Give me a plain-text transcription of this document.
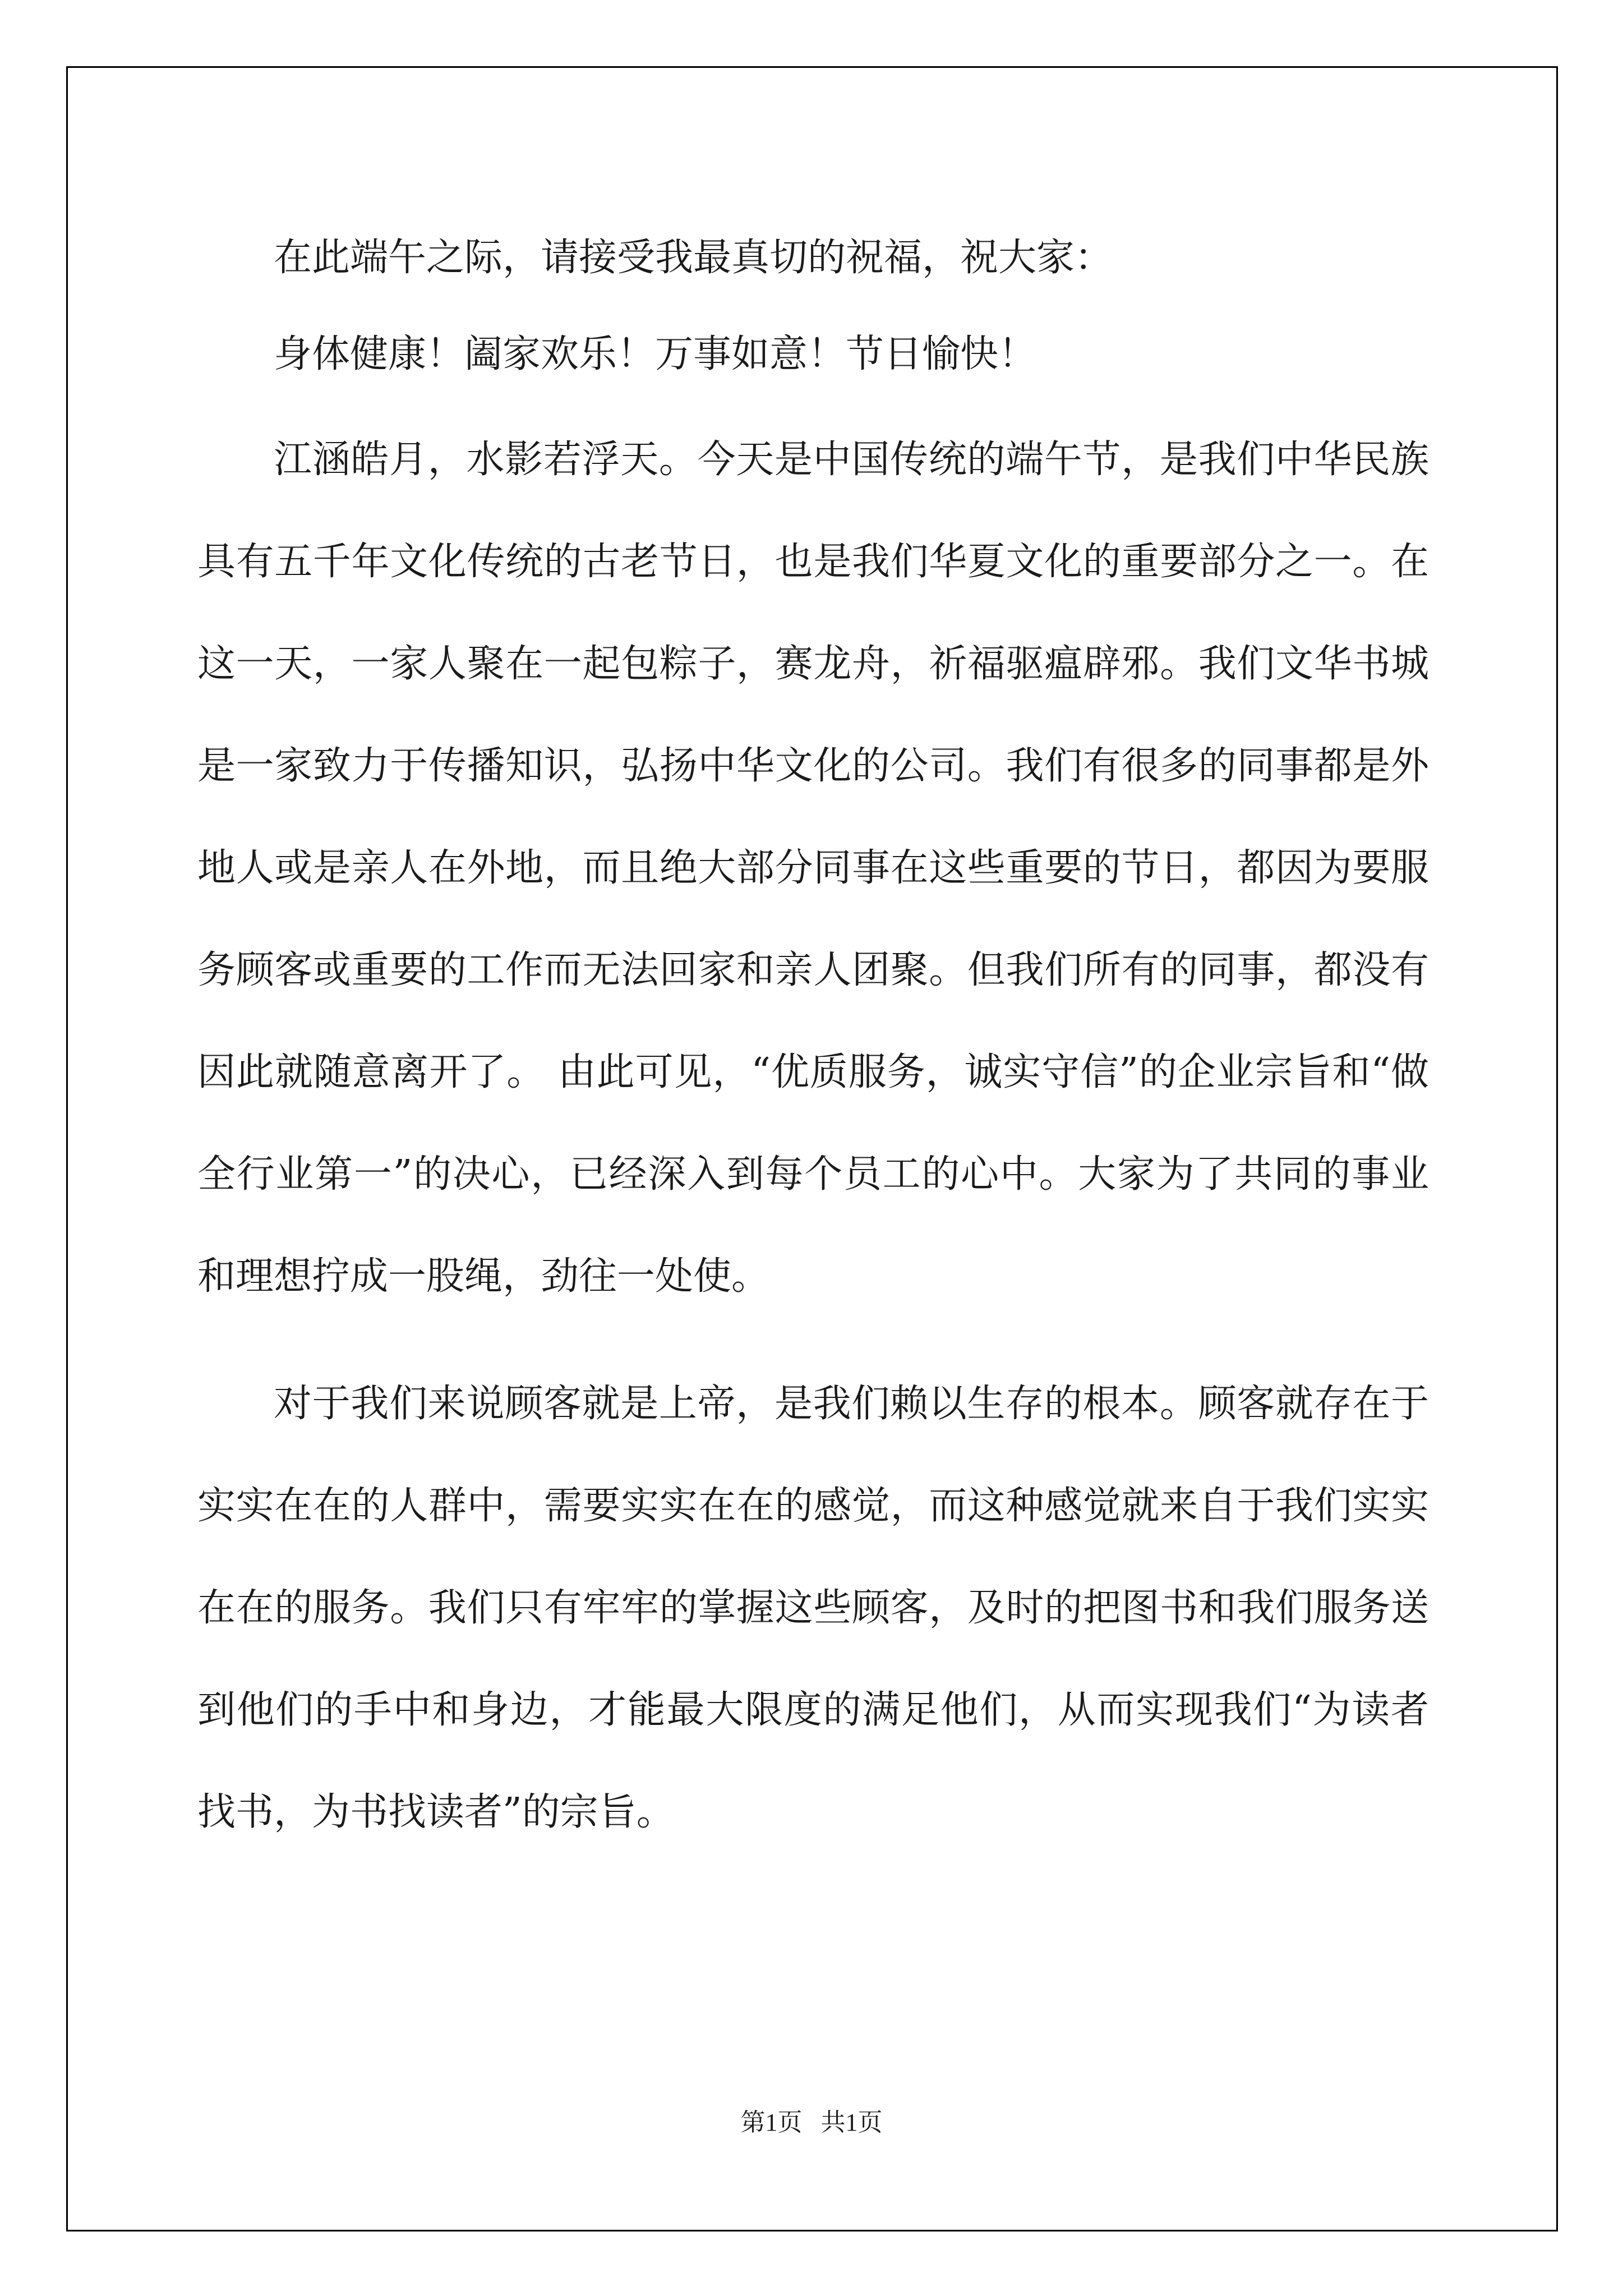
在此端午之际，请接受我最真切的祝福，祝大家：

身体健康！阖家欢乐！万事如意！节日愉快！

江涵皓月，水影若浮天。今天是中国传统的端午节，是我们中华民族具有五千年文化传统的古老节日，也是我们华夏文化的重要部分之一。在这一天，一家人聚在一起包粽子，赛龙舟，祈福驱瘟辟邪。我们文华书城是一家致力于传播知识，弘扬中华文化的公司。我们有很多的同事都是外地人或是亲人在外地，而且绝大部分同事在这些重要的节日，都因为要服务顾客或重要的工作而无法回家和亲人团聚。但我们所有的同事，都没有因此就随意离开了。 由此可见，“优质服务，诚实守信”的企业宗旨和“做全行业第一”的决心，已经深入到每个员工的心中。大家为了共同的事业和理想拧成一股绳，劲往一处使。

对于我们来说顾客就是上帝，是我们赖以生存的根本。顾客就存在于实实在在的人群中，需要实实在在的感觉，而这种感觉就来自于我们实实在在的服务。我们只有牢牢的掌握这些顾客，及时的把图书和我们服务送到他们的手中和身边，才能最大限度的满足他们，从而实现我们“为读者找书，为书找读者”的宗旨。

第1页   共1页
